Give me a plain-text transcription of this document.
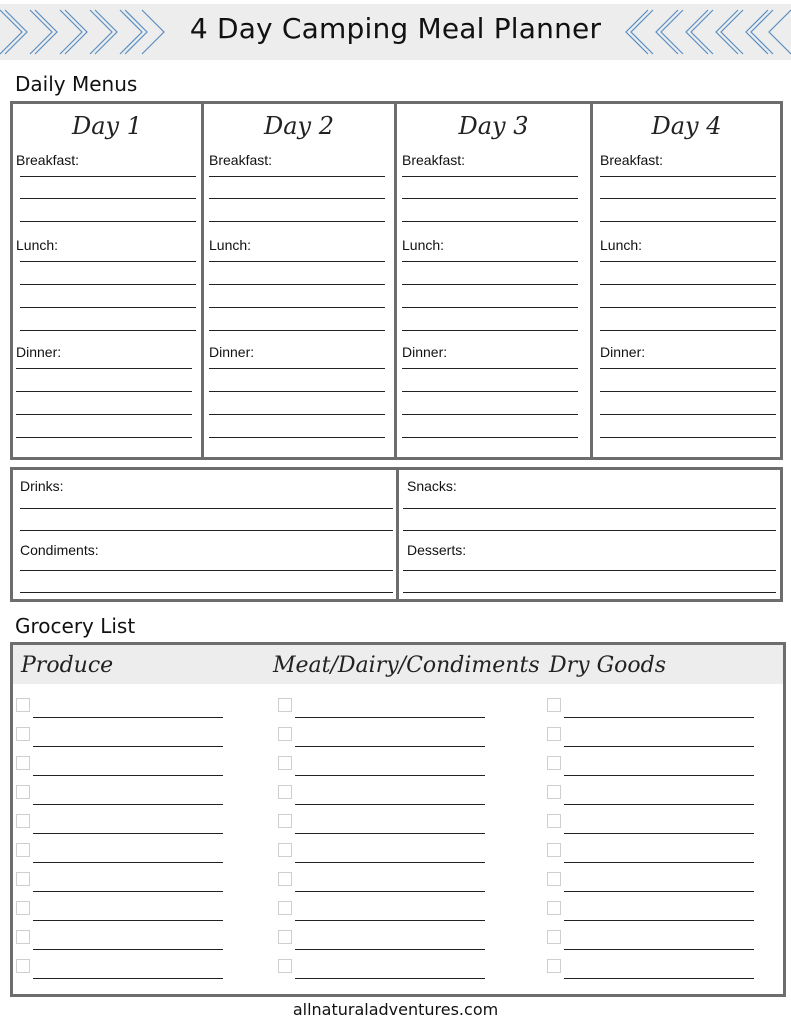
4 Day Camping Meal Planner
Daily Menus
Day 1
Breakfast:
Lunch:
Dinner:
Day 2
Breakfast:
Lunch:
Dinner:
Day 3
Breakfast:
Lunch:
Dinner:
Day 4
Breakfast:
Lunch:
Dinner:
Drinks:
Condiments:
Snacks:
Desserts:
Grocery List
Produce	Meat/Dairy/Condiments Dry Goods
allnaturaladventures.com
